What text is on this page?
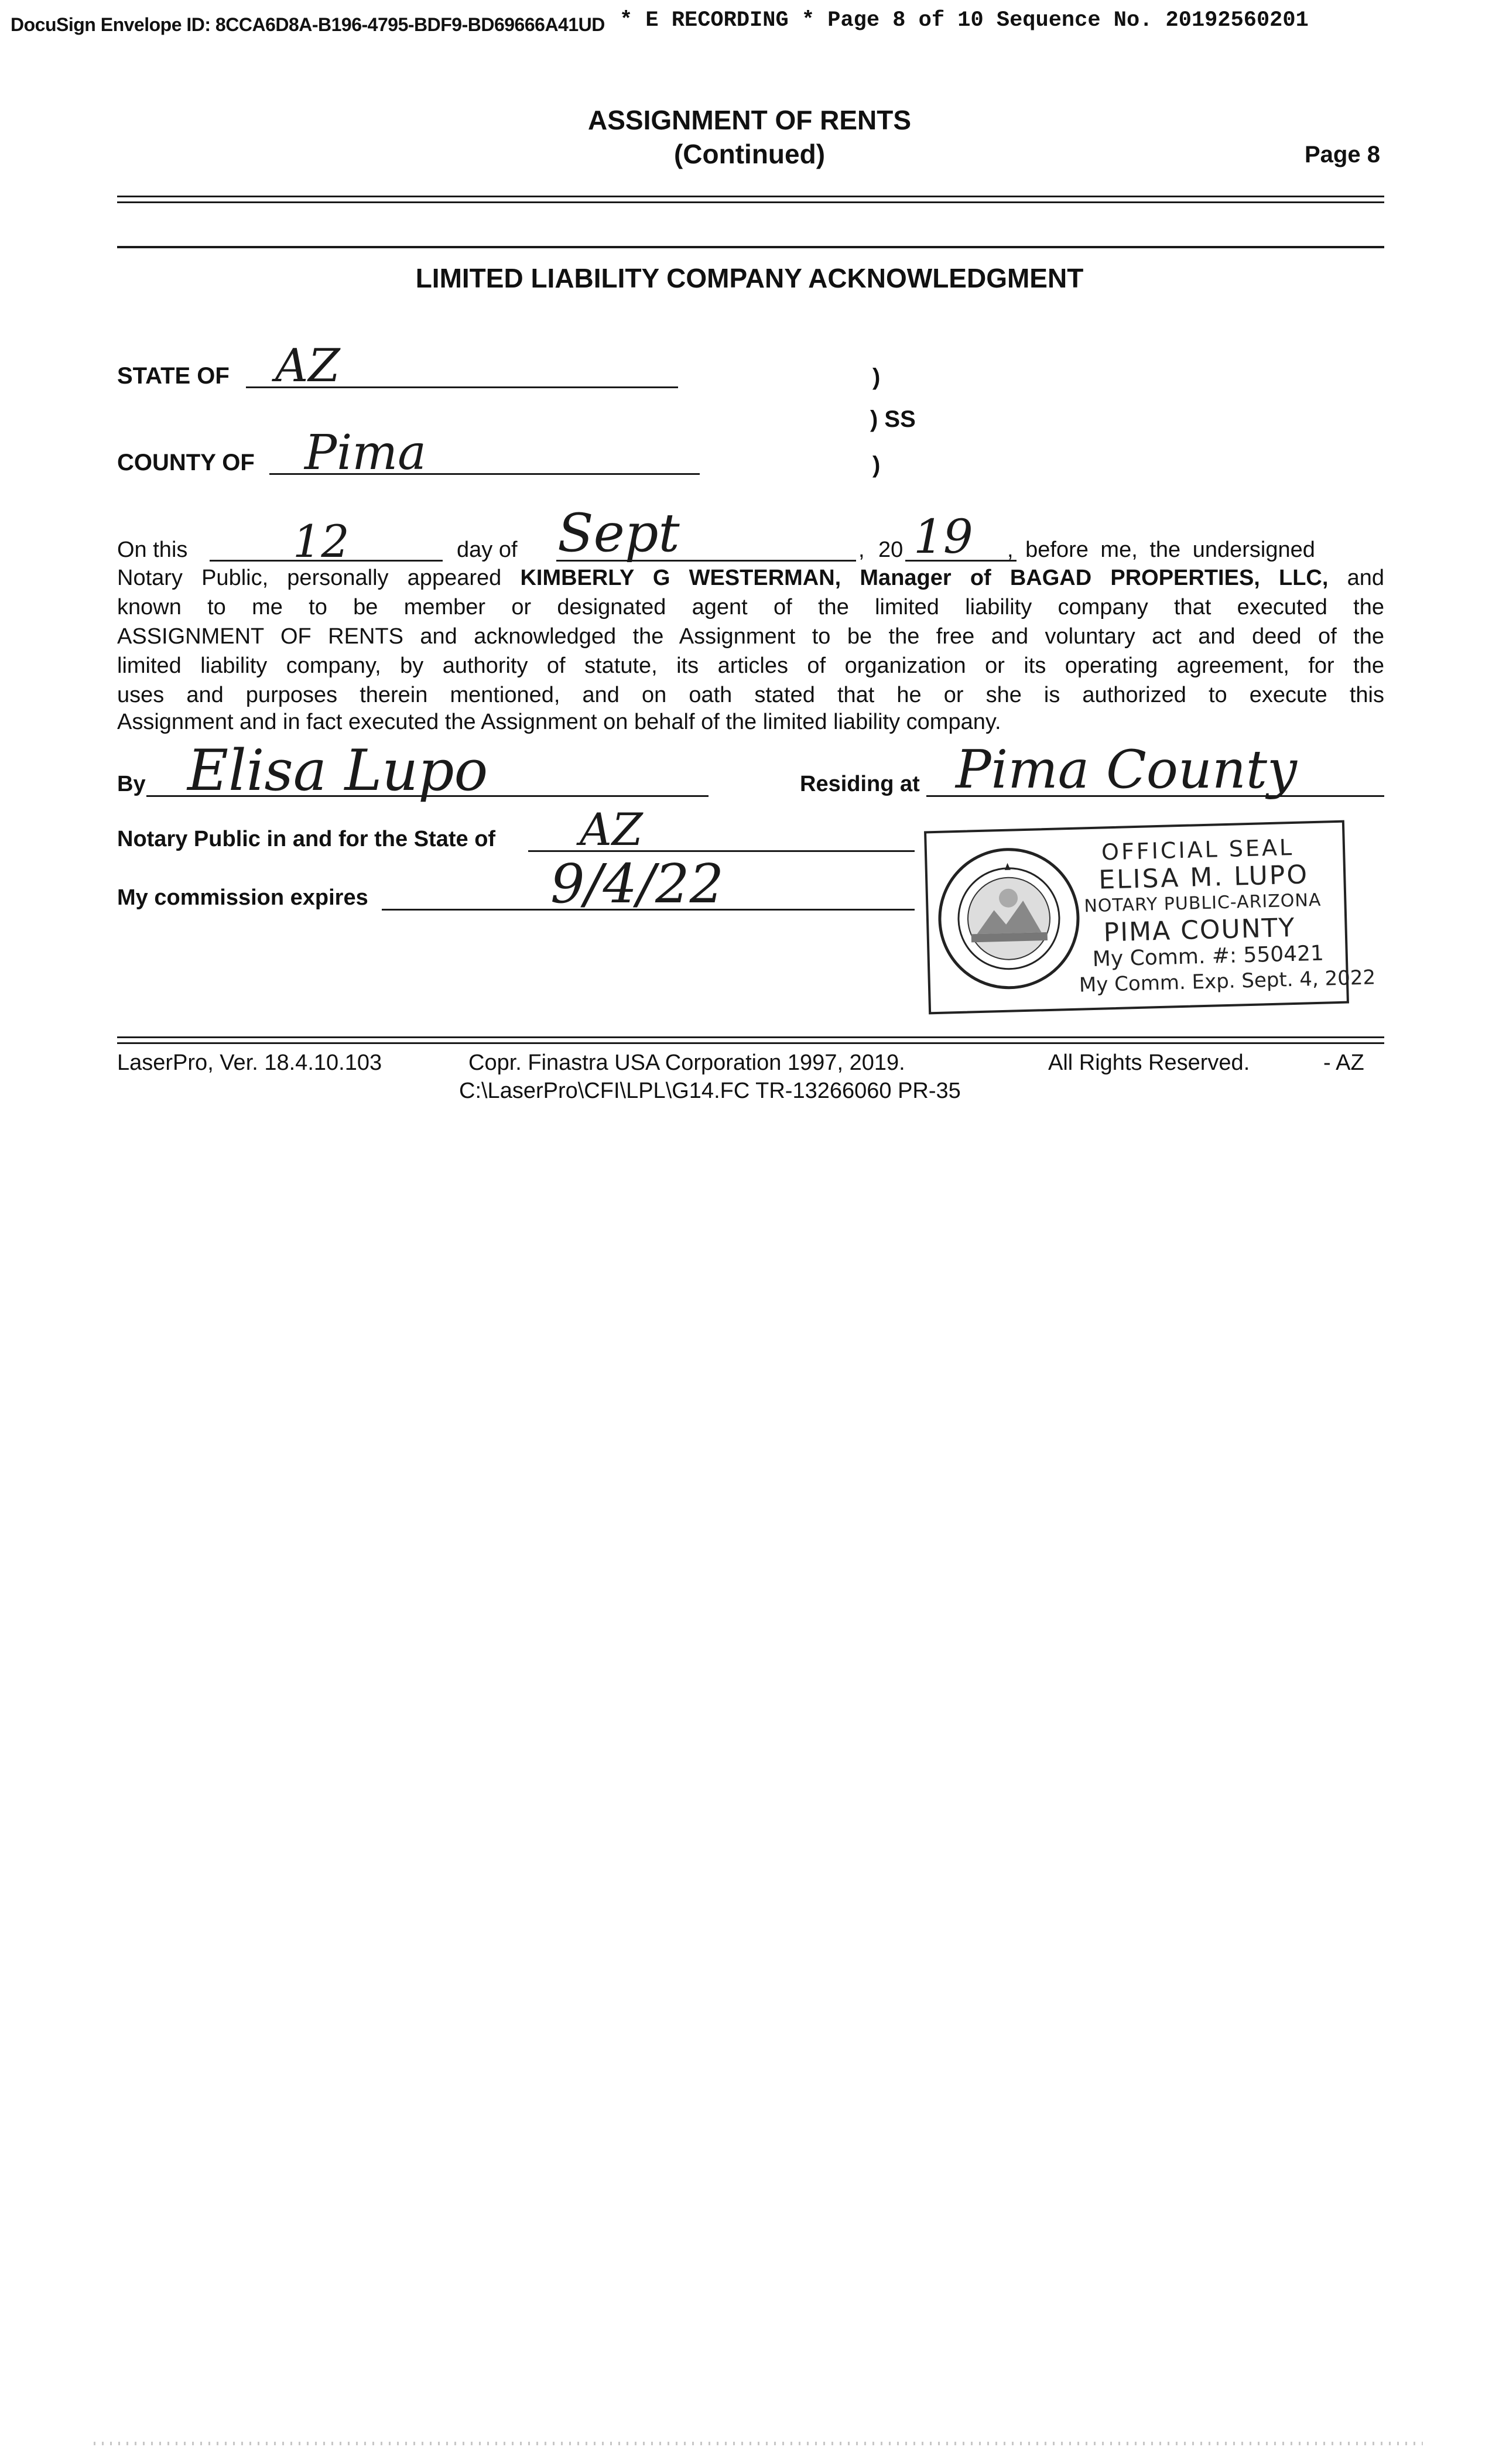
DocuSign Envelope ID: 8CCA6D8A-B196-4795-BDF9-BD69666A41UD * E RECORDING * Page 8 of 10 Sequence No. 20192560201
ASSIGNMENT OF RENTS
(Continued)	Page 8
LIMITED LIABILITY COMPANY ACKNOWLEDGMENT
STATE OF AZ	)
) SS
COUNTY OF Pima	)
On this 12	day of Sept	, 20 19 , before me, the undersigned
Notary Public, personally appeared KIMBERLY G WESTERMAN, Manager of BAGAD PROPERTIES, LLC, and
known to me to be member or designated agent of the limited liability company that executed the
ASSIGNMENT OF RENTS and acknowledged the Assignment to be the free and voluntary act and deed of the
limited liability company, by authority of statute, its articles of organization or its operating agreement, for the
uses and purposes therein mentioned, and on oath stated that he or she is authorized to execute this
Assignment and in fact executed the Assignment on behalf of the limited liability company.
By Elisa Lupo	Residing at Pima County
Notary Public in and for the State of AZ
My commission expires	9/4/22
OFFICIAL SEAL
ELISA M. LUPO
NOTARY PUBLIC-ARIZONA
PIMA COUNTY
My Comm. #: 550421
My Comm. Exp. Sept. 4, 2022
LaserPro, Ver. 18.4.10.103	Copr. Finastra USA Corporation 1997, 2019.	All Rights Reserved.	- AZ
C:\LaserPro\CFI\LPL\G14.FC TR-13266060 PR-35
